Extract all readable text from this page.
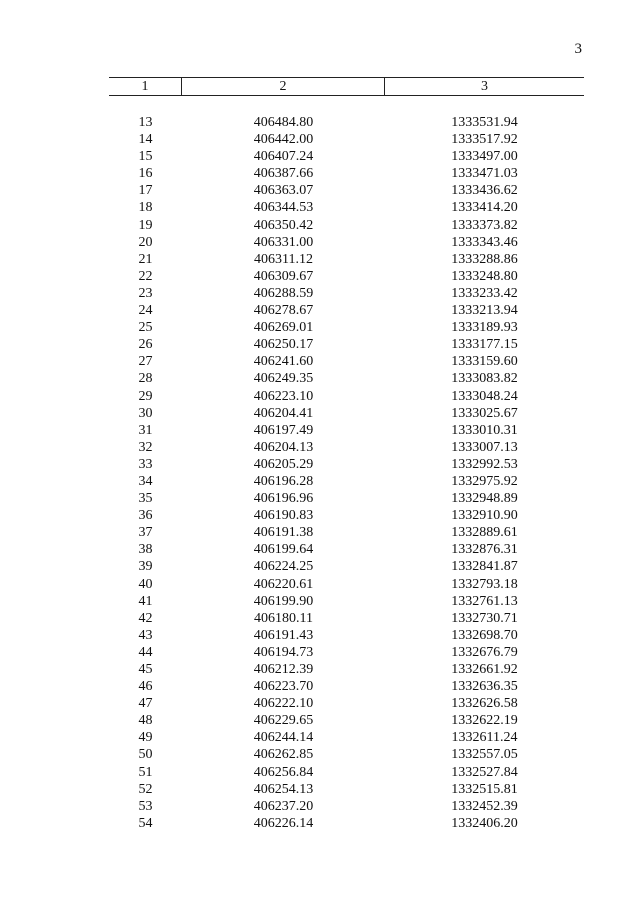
3
1	2	3
13	406484.80	1333531.94
14	406442.00	1333517.92
15	406407.24	1333497.00
16	406387.66	1333471.03
17	406363.07	1333436.62
18	406344.53	1333414.20
19	406350.42	1333373.82
20	406331.00	1333343.46
21	406311.12	1333288.86
22	406309.67	1333248.80
23	406288.59	1333233.42
24	406278.67	1333213.94
25	406269.01	1333189.93
26	406250.17	1333177.15
27	406241.60	1333159.60
28	406249.35	1333083.82
29	406223.10	1333048.24
30	406204.41	1333025.67
31	406197.49	1333010.31
32	406204.13	1333007.13
33	406205.29	1332992.53
34	406196.28	1332975.92
35	406196.96	1332948.89
36	406190.83	1332910.90
37	406191.38	1332889.61
38	406199.64	1332876.31
39	406224.25	1332841.87
40	406220.61	1332793.18
41	406199.90	1332761.13
42	406180.11	1332730.71
43	406191.43	1332698.70
44	406194.73	1332676.79
45	406212.39	1332661.92
46	406223.70	1332636.35
47	406222.10	1332626.58
48	406229.65	1332622.19
49	406244.14	1332611.24
50	406262.85	1332557.05
51	406256.84	1332527.84
52	406254.13	1332515.81
53	406237.20	1332452.39
54	406226.14	1332406.20
